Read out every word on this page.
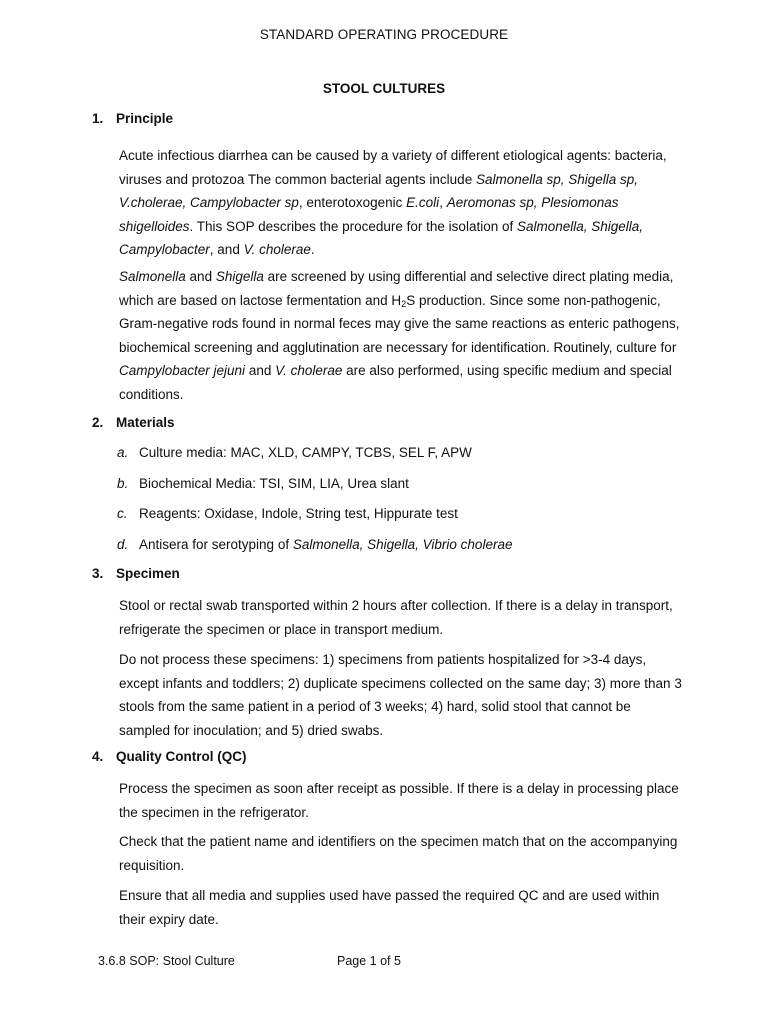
STANDARD OPERATING PROCEDURE
STOOL CULTURES
1. Principle
Acute infectious diarrhea can be caused by a variety of different etiological agents: bacteria, viruses and protozoa The common bacterial agents include Salmonella sp, Shigella sp, V.cholerae, Campylobacter sp, enterotoxogenic E.coli, Aeromonas sp, Plesiomonas shigelloides. This SOP describes the procedure for the isolation of Salmonella, Shigella, Campylobacter, and V. cholerae.
Salmonella and Shigella are screened by using differential and selective direct plating media, which are based on lactose fermentation and $H_2S$ production. Since some non-pathogenic, Gram-negative rods found in normal feces may give the same reactions as enteric pathogens, biochemical screening and agglutination are necessary for identification. Routinely, culture for Campylobacter jejuni and V. cholerae are also performed, using specific medium and special conditions.
2. Materials
a. Culture media: MAC, XLD, CAMPY, TCBS, SEL F, APW
b. Biochemical Media: TSI, SIM, LIA, Urea slant
c. Reagents: Oxidase, Indole, String test, Hippurate test
d. Antisera for serotyping of Salmonella, Shigella, Vibrio cholerae
3. Specimen
Stool or rectal swab transported within 2 hours after collection. If there is a delay in transport, refrigerate the specimen or place in transport medium.
Do not process these specimens: 1) specimens from patients hospitalized for >3-4 days, except infants and toddlers; 2) duplicate specimens collected on the same day; 3) more than 3 stools from the same patient in a period of 3 weeks; 4) hard, solid stool that cannot be sampled for inoculation; and 5) dried swabs.
4. Quality Control (QC)
Process the specimen as soon after receipt as possible. If there is a delay in processing place the specimen in the refrigerator.
Check that the patient name and identifiers on the specimen match that on the accompanying requisition.
Ensure that all media and supplies used have passed the required QC and are used within their expiry date.
3.6.8 SOP: Stool Culture	Page 1 of 5
